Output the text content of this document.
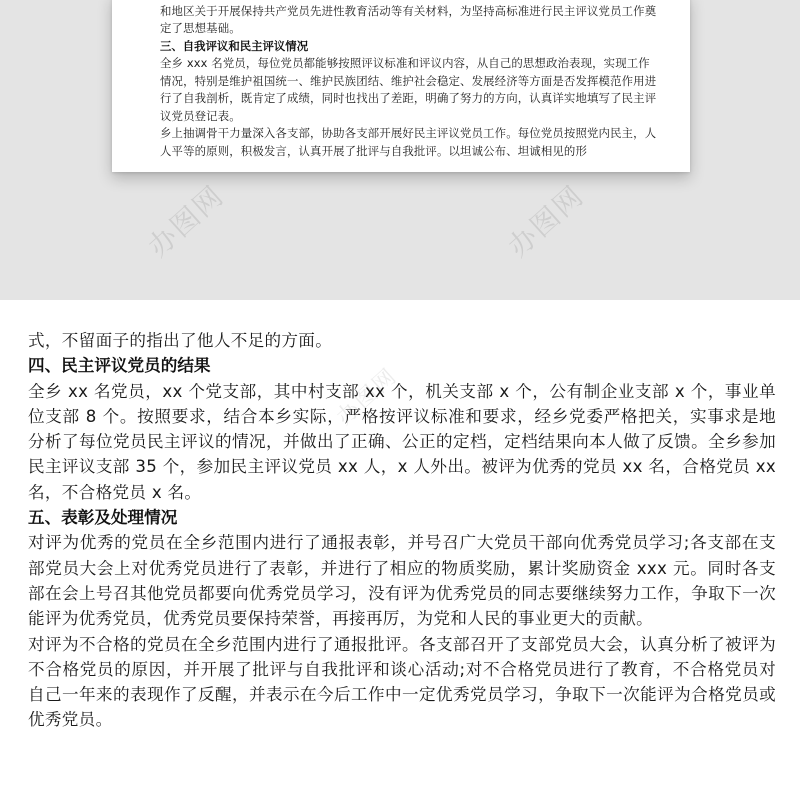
和地区关于开展保持共产党员先进性教育活动等有关材料，为坚持高标准进行民主评议党员工作奠定了思想基础。

三、自我评议和民主评议情况

全乡 xxx 名党员，每位党员都能够按照评议标准和评议内容，从自己的思想政治表现，实现工作情况，特别是维护祖国统一、维护民族团结、维护社会稳定、发展经济等方面是否发挥模范作用进行了自我剖析，既肯定了成绩，同时也找出了差距，明确了努力的方向，认真详实地填写了民主评议党员登记表。

乡上抽调骨干力量深入各支部，协助各支部开展好民主评议党员工作。每位党员按照党内民主，人人平等的原则，积极发言，认真开展了批评与自我批评。以坦诚公布、坦诚相见的形

办图网	办图网
办图网

式，不留面子的指出了他人不足的方面。

四、民主评议党员的结果

全乡 xx 名党员，xx 个党支部，其中村支部 xx 个，机关支部 x 个，公有制企业支部 x 个，事业单位支部 8 个。按照要求，结合本乡实际，严格按评议标准和要求，经乡党委严格把关，实事求是地分析了每位党员民主评议的情况，并做出了正确、公正的定档，定档结果向本人做了反馈。全乡参加民主评议支部 35 个，参加民主评议党员 xx 人，x 人外出。被评为优秀的党员 xx 名，合格党员 xx 名，不合格党员 x 名。

五、表彰及处理情况

对评为优秀的党员在全乡范围内进行了通报表彰，并号召广大党员干部向优秀党员学习;各支部在支部党员大会上对优秀党员进行了表彰，并进行了相应的物质奖励，累计奖励资金 xxx 元。同时各支部在会上号召其他党员都要向优秀党员学习，没有评为优秀党员的同志要继续努力工作，争取下一次能评为优秀党员，优秀党员要保持荣誉，再接再厉，为党和人民的事业更大的贡献。

对评为不合格的党员在全乡范围内进行了通报批评。各支部召开了支部党员大会，认真分析了被评为不合格党员的原因，并开展了批评与自我批评和谈心活动;对不合格党员进行了教育，不合格党员对自己一年来的表现作了反醒，并表示在今后工作中一定优秀党员学习，争取下一次能评为合格党员或优秀党员。
